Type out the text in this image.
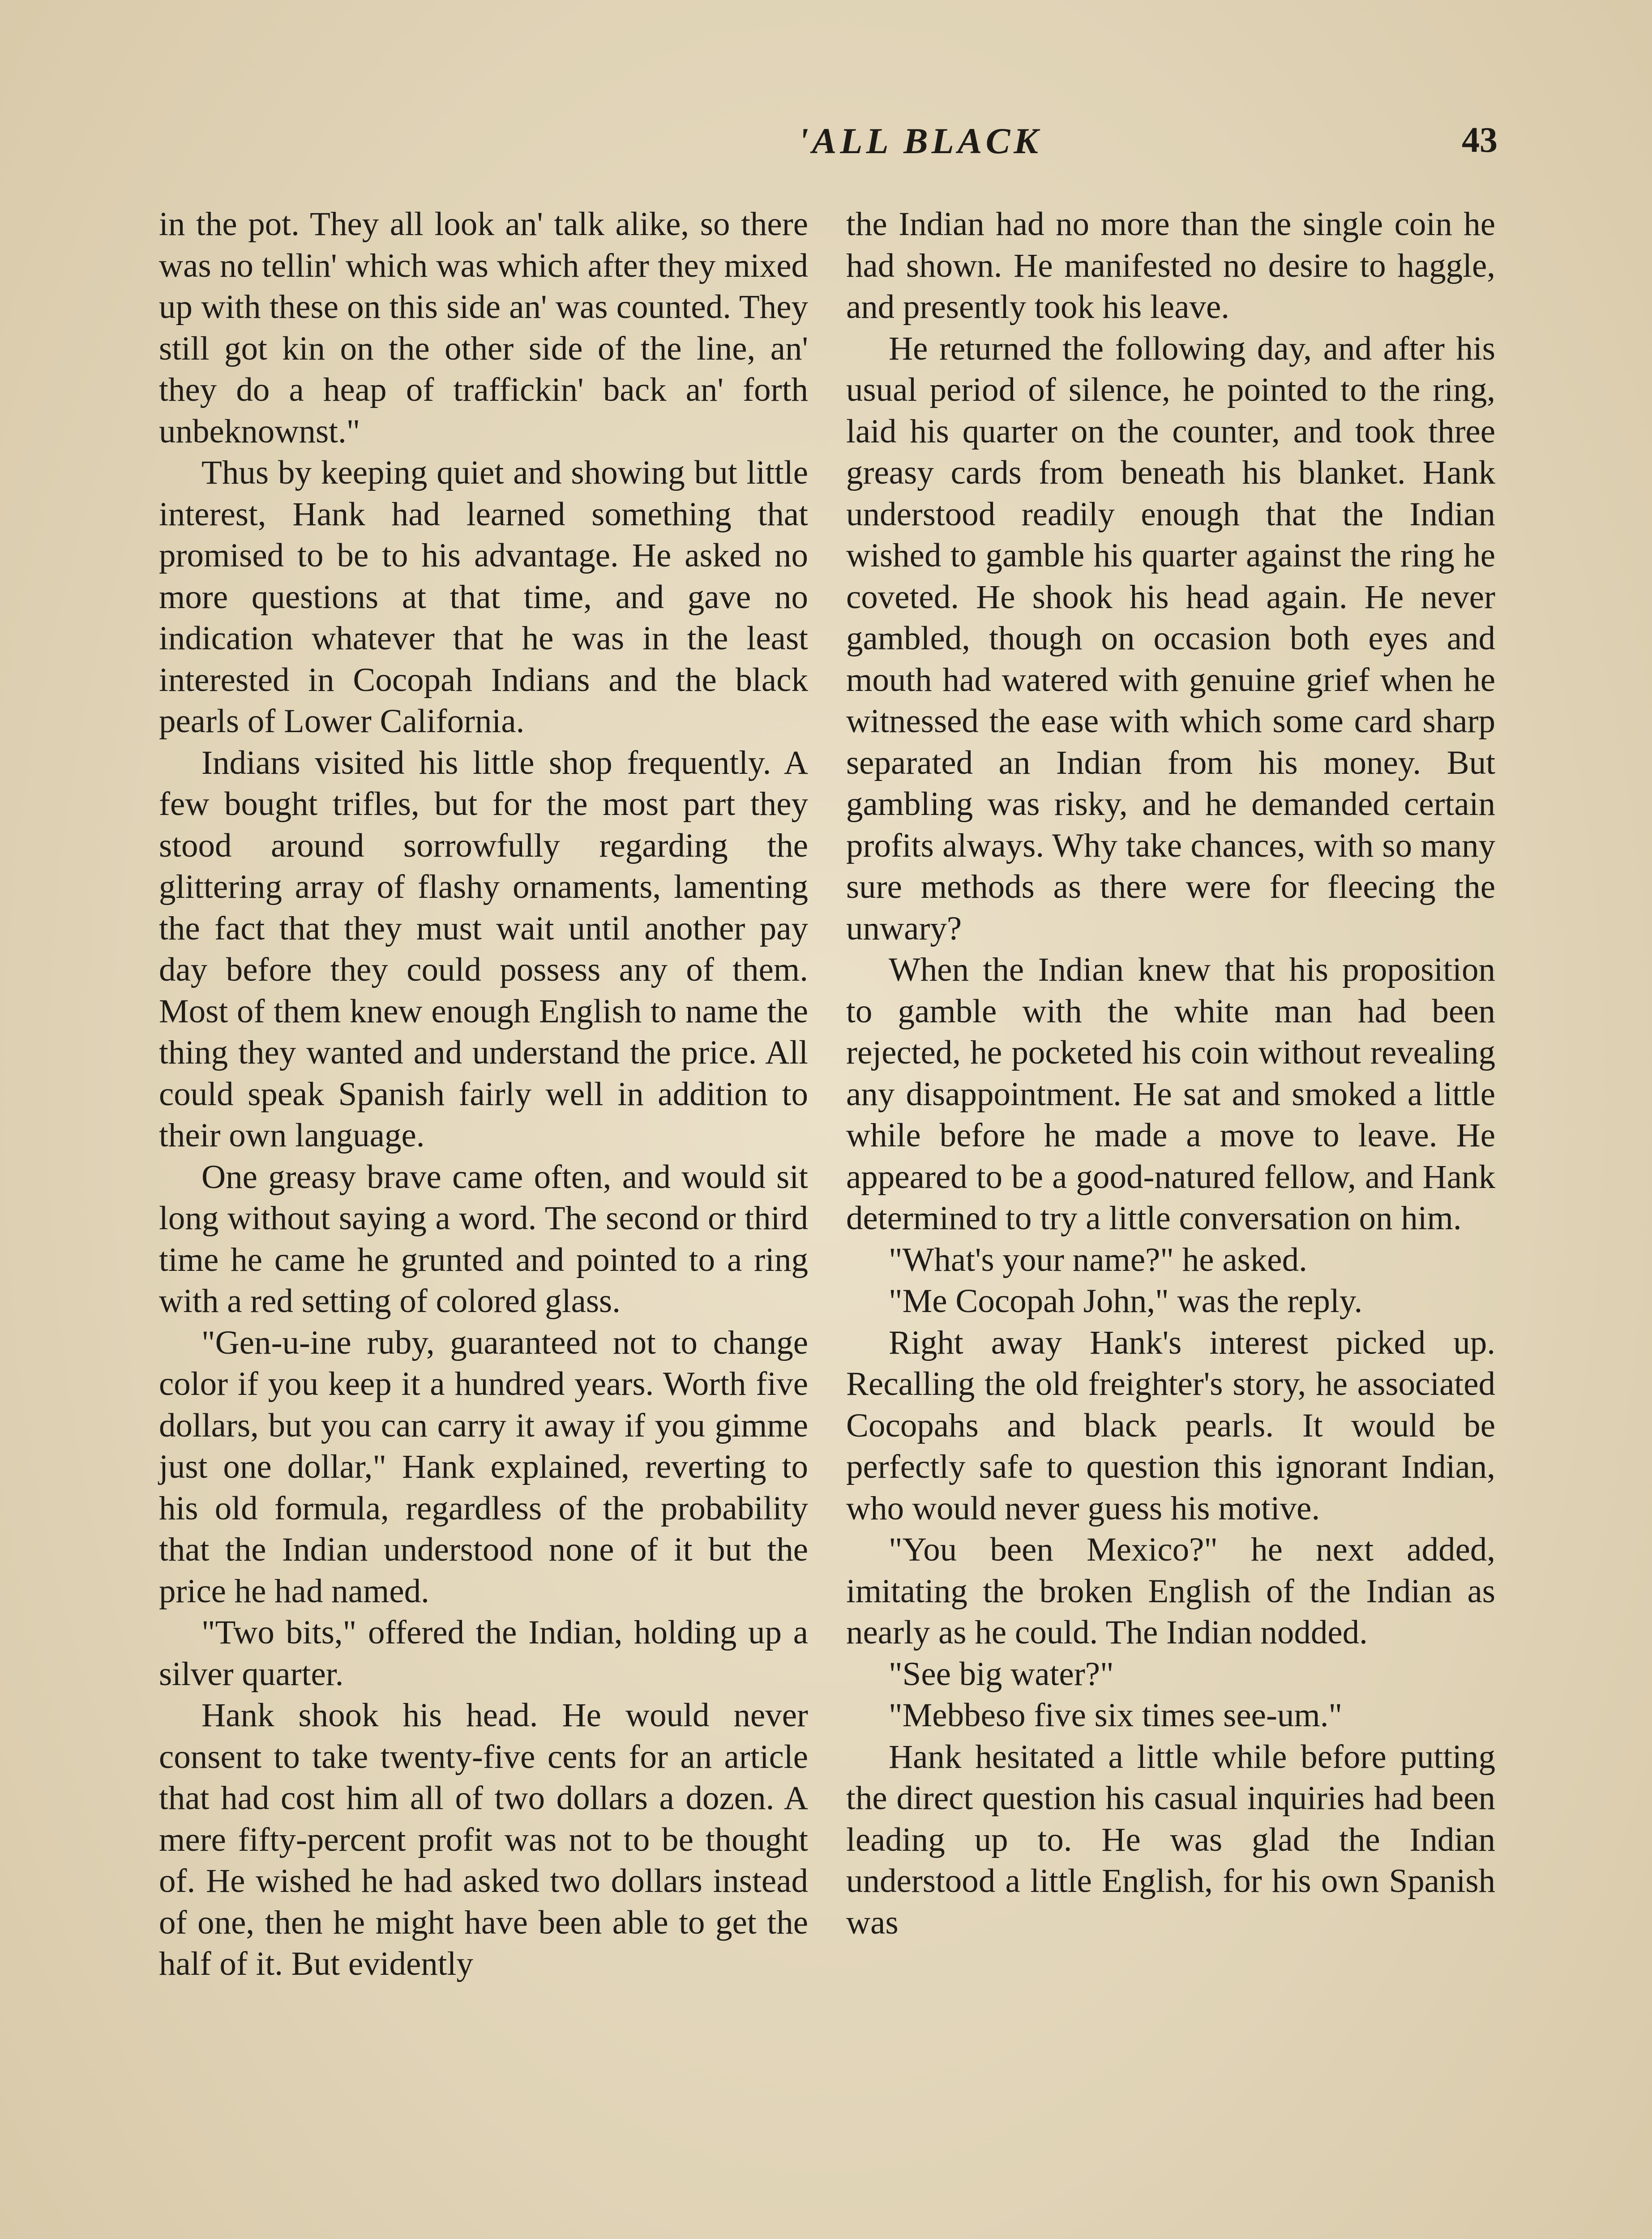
'ALL BLACK	43

in the pot. They all look an' talk alike, so there was no tellin' which was which after they mixed up with these on this side an' was counted. They still got kin on the other side of the line, an' they do a heap of traffickin' back an' forth unbeknownst."

Thus by keeping quiet and showing but little interest, Hank had learned something that promised to be to his advantage. He asked no more questions at that time, and gave no indication whatever that he was in the least interested in Cocopah Indians and the black pearls of Lower California.

Indians visited his little shop frequently. A few bought trifles, but for the most part they stood around sorrowfully regarding the glittering array of flashy ornaments, lamenting the fact that they must wait until another pay day before they could possess any of them. Most of them knew enough English to name the thing they wanted and understand the price. All could speak Spanish fairly well in addition to their own language.

One greasy brave came often, and would sit long without saying a word. The second or third time he came he grunted and pointed to a ring with a red setting of colored glass.

"Gen-u-ine ruby, guaranteed not to change color if you keep it a hundred years. Worth five dollars, but you can carry it away if you gimme just one dollar," Hank explained, reverting to his old formula, regardless of the probability that the Indian understood none of it but the price he had named.

"Two bits," offered the Indian, holding up a silver quarter.

Hank shook his head. He would never consent to take twenty-five cents for an article that had cost him all of two dollars a dozen. A mere fifty-percent profit was not to be thought of. He wished he had asked two dollars instead of one, then he might have been able to get the half of it. But evidently

the Indian had no more than the single coin he had shown. He manifested no desire to haggle, and presently took his leave.

He returned the following day, and after his usual period of silence, he pointed to the ring, laid his quarter on the counter, and took three greasy cards from beneath his blanket. Hank understood readily enough that the Indian wished to gamble his quarter against the ring he coveted. He shook his head again. He never gambled, though on occasion both eyes and mouth had watered with genuine grief when he witnessed the ease with which some card sharp separated an Indian from his money. But gambling was risky, and he demanded certain profits always. Why take chances, with so many sure methods as there were for fleecing the unwary?

When the Indian knew that his proposition to gamble with the white man had been rejected, he pocketed his coin without revealing any disappointment. He sat and smoked a little while before he made a move to leave. He appeared to be a good-natured fellow, and Hank determined to try a little conversation on him.

"What's your name?" he asked.

"Me Cocopah John," was the reply.

Right away Hank's interest picked up. Recalling the old freighter's story, he associated Cocopahs and black pearls. It would be perfectly safe to question this ignorant Indian, who would never guess his motive.

"You been Mexico?" he next added, imitating the broken English of the Indian as nearly as he could. The Indian nodded.

"See big water?"

"Mebbeso five six times see-um."

Hank hesitated a little while before putting the direct question his casual inquiries had been leading up to. He was glad the Indian understood a little English, for his own Spanish was
